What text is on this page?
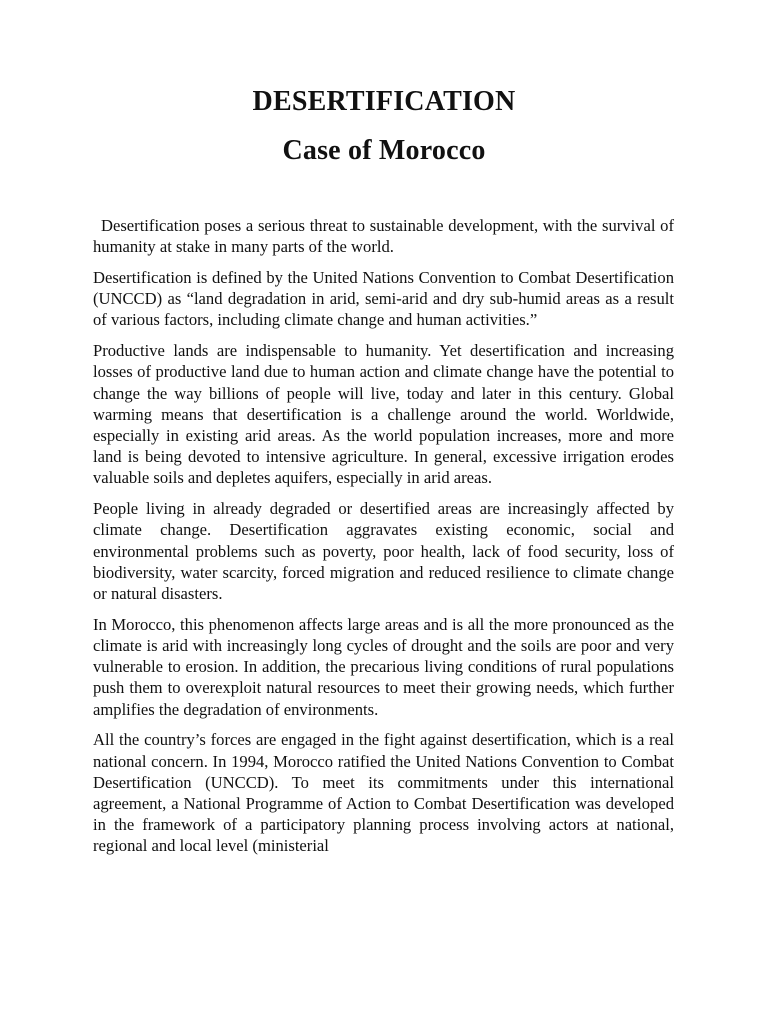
DESERTIFICATION
Case of Morocco

Desertification poses a serious threat to sustainable development, with the survival of humanity at stake in many parts of the world.

Desertification is defined by the United Nations Convention to Combat Desertification (UNCCD) as “land degradation in arid, semi-arid and dry sub-humid areas as a result of various factors, including climate change and human activities.”

Productive lands are indispensable to humanity. Yet desertification and increasing losses of productive land due to human action and climate change have the potential to change the way billions of people will live, today and later in this century. Global warming means that desertification is a challenge around the world. Worldwide, especially in existing arid areas. As the world population increases, more and more land is being devoted to intensive agriculture. In general, excessive irrigation erodes valuable soils and depletes aquifers, especially in arid areas.

People living in already degraded or desertified areas are increasingly affected by climate change. Desertification aggravates existing economic, social and environmental problems such as poverty, poor health, lack of food security, loss of biodiversity, water scarcity, forced migration and reduced resilience to climate change or natural disasters.

In Morocco, this phenomenon affects large areas and is all the more pronounced as the climate is arid with increasingly long cycles of drought and the soils are poor and very vulnerable to erosion. In addition, the precarious living conditions of rural populations push them to overexploit natural resources to meet their growing needs, which further amplifies the degradation of environments.

All the country’s forces are engaged in the fight against desertification, which is a real national concern. In 1994, Morocco ratified the United Nations Convention to Combat Desertification (UNCCD). To meet its commitments under this international agreement, a National Programme of Action to Combat Desertification was developed in the framework of a participatory planning process involving actors at national, regional and local level (ministerial
